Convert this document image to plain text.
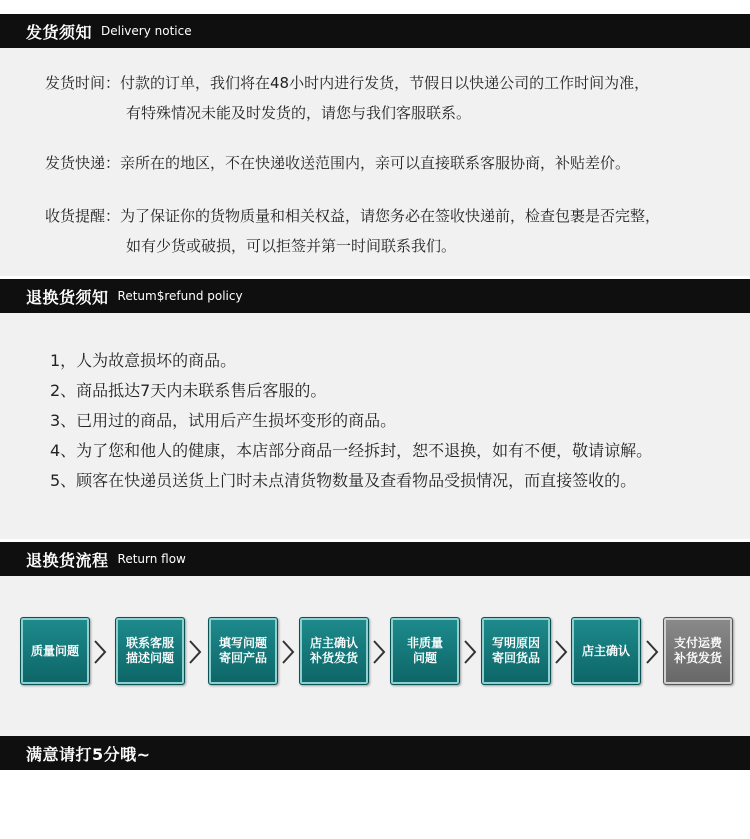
发货须知 Delivery notice
发货时间：付款的订单，我们将在48小时内进行发货，节假日以快递公司的工作时间为准，
有特殊情况未能及时发货的，请您与我们客服联系。
发货快递：亲所在的地区，不在快递收送范围内，亲可以直接联系客服协商，补贴差价。
收货提醒：为了保证你的货物质量和相关权益，请您务必在签收快递前，检查包裹是否完整，
如有少货或破损，可以拒签并第一时间联系我们。
退换货须知 Retum$refund policy
1，人为故意损坏的商品。
2、商品抵达7天内未联系售后客服的。
3、已用过的商品，试用后产生损坏变形的商品。
4、为了您和他人的健康，本店部分商品一经拆封，恕不退换，如有不便，敬请谅解。
5、顾客在快递员送货上门时未点清货物数量及查看物品受损情况，而直接签收的。
退换货流程 Return flow
质量问题
联系客服
描述问题
填写问题
寄回产品
店主确认
补货发货
非质量
问题
写明原因
寄回货品
店主确认
支付运费
补货发货
满意请打5分哦~
